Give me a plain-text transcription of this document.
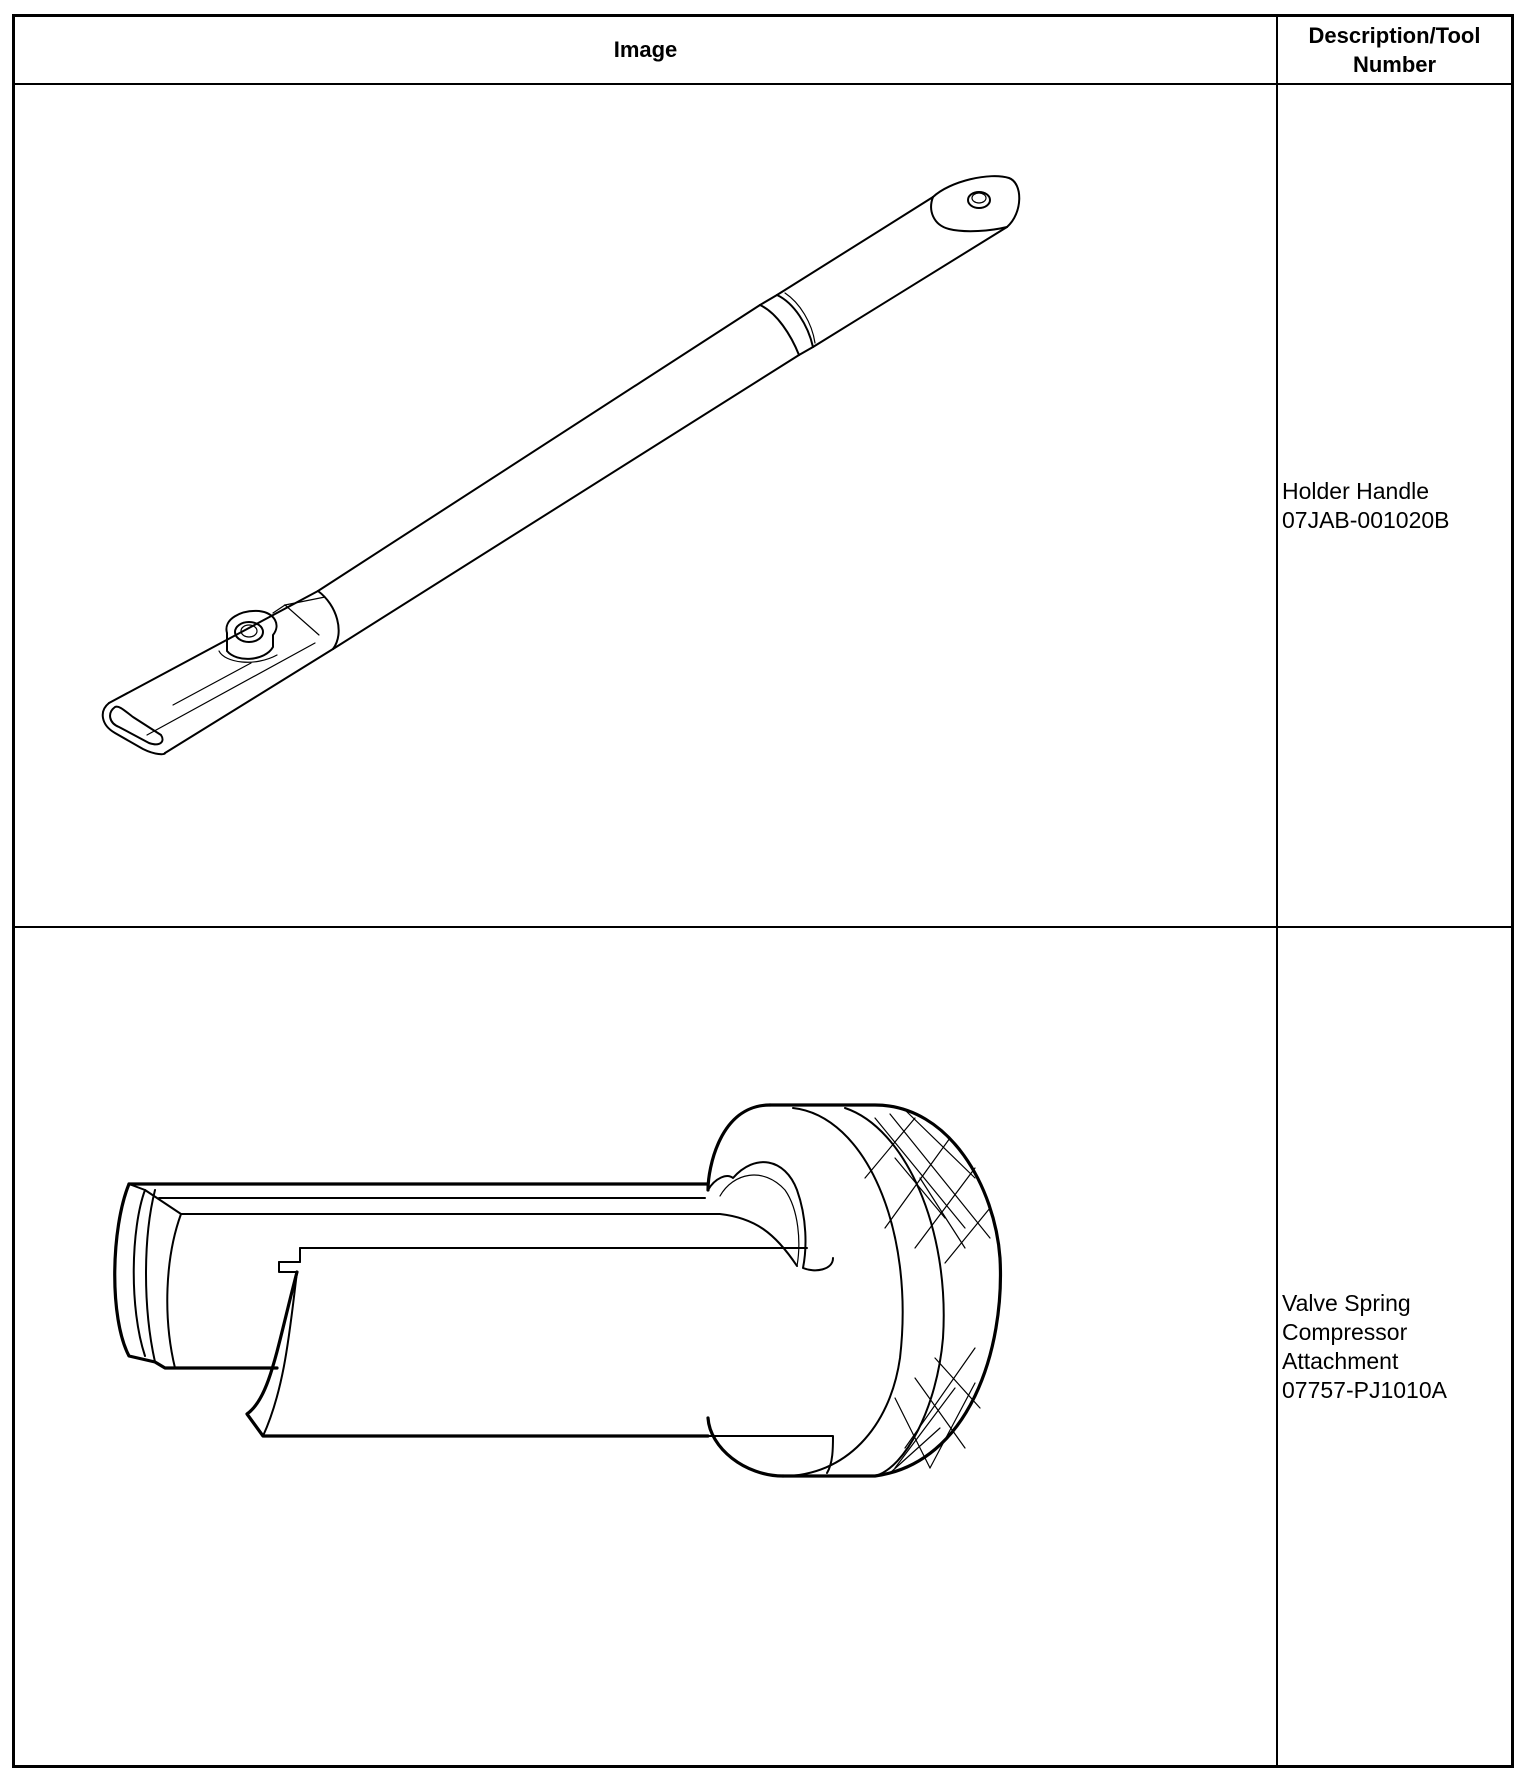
Image
Description/Tool
Number
Holder Handle
07JAB-001020B
Valve Spring
Compressor
Attachment
07757-PJ1010A
